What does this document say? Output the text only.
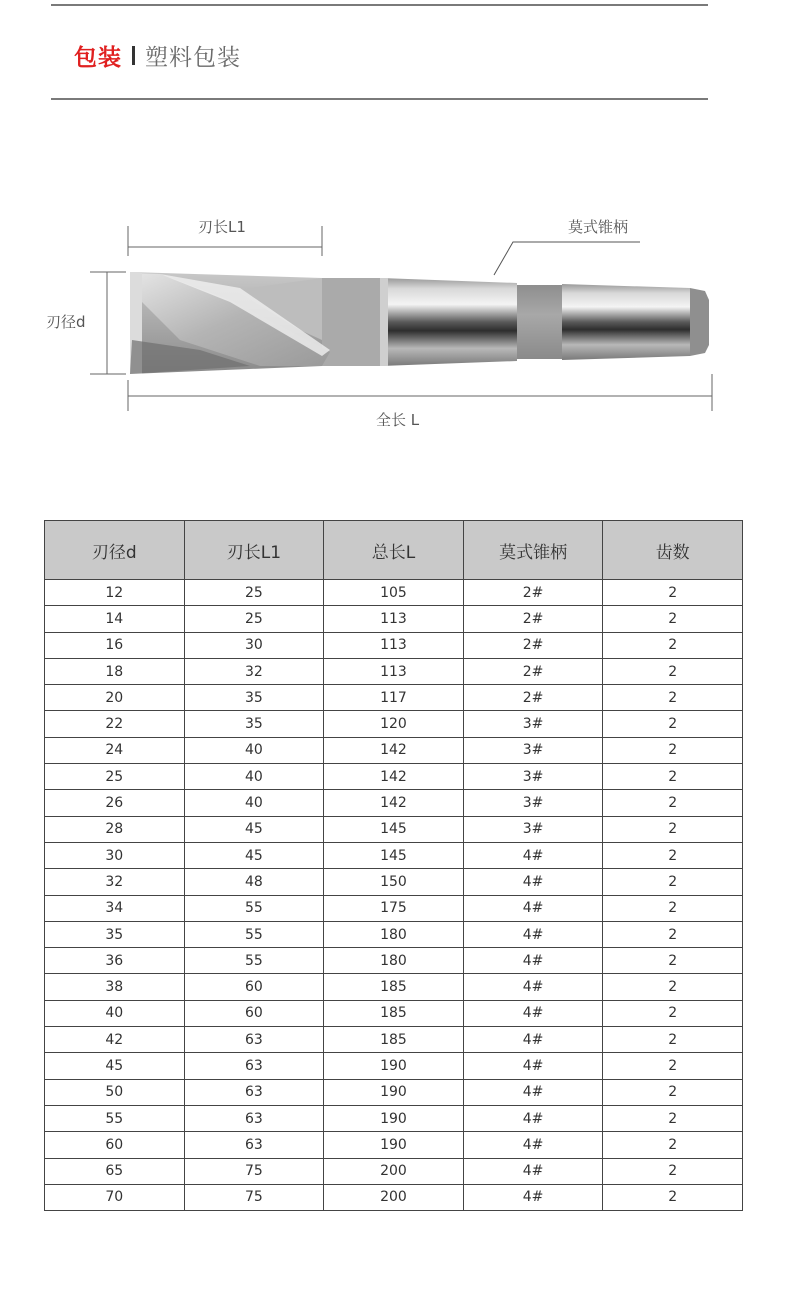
包装 塑料包装
刃长L1	莫式锥柄
刃径d
全长 L
刃径d	刃长L1	总长L	莫式锥柄	齿数
12	25	105	2#	2
14	25	113	2#	2
16	30	113	2#	2
18	32	113	2#	2
20	35	117	2#	2
22	35	120	3#	2
24	40	142	3#	2
25	40	142	3#	2
26	40	142	3#	2
28	45	145	3#	2
30	45	145	4#	2
32	48	150	4#	2
34	55	175	4#	2
35	55	180	4#	2
36	55	180	4#	2
38	60	185	4#	2
40	60	185	4#	2
42	63	185	4#	2
45	63	190	4#	2
50	63	190	4#	2
55	63	190	4#	2
60	63	190	4#	2
65	75	200	4#	2
70	75	200	4#	2
